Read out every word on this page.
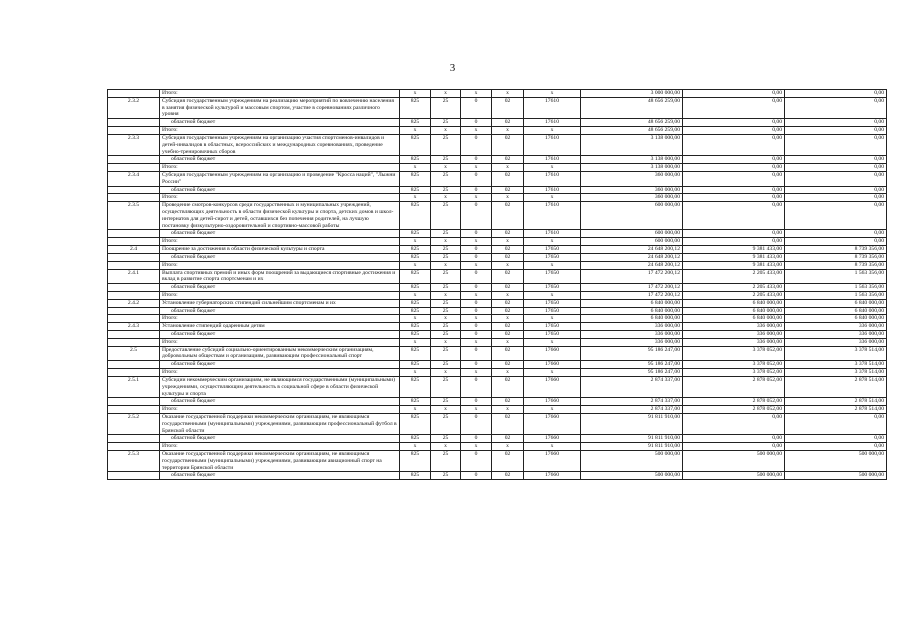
3
	Итого:	x	x	x	x	x	3 000 000,00	0,00	0,00
2.3.2	Субсидия государственным учреждениям на реализацию мероприятий по вовлечению населения в занятия физической культурой и массовым спортом, участие в соревнованиях различного уровня	825	25	0	02	17610	48 656 259,00	0,00	0,00
	областной бюджет	825	25	0	02	17610	48 656 259,00	0,00	0,00
	Итого:	x	x	x	x	x	48 656 259,00	0,00	0,00
2.3.3	Субсидия государственным учреждениям на организацию участия спортсменов-инвалидов и детей-инвалидов в областных, всероссийских и международных соревнованиях, проведение учебно-тренировочных сборов	825	25	0	02	17610	3 138 000,00	0,00	0,00
	областной бюджет	825	25	0	02	17610	3 138 000,00	0,00	0,00
	Итого:	x	x	x	x	x	3 138 000,00	0,00	0,00
2.3.4	Субсидия государственным учреждениям на организацию и проведение "Кросса наций", "Лыжни России"	825	25	0	02	17610	360 000,00	0,00	0,00
	областной бюджет	825	25	0	02	17610	360 000,00	0,00	0,00
	Итого:	x	x	x	x	x	360 000,00	0,00	0,00
2.3.5	Проведение смотров-конкурсов среди государственных и муниципальных учреждений, осуществляющих деятельность в области физической культуры и спорта, детских домов и школ-интернатов для детей-сирот и детей, оставшихся без попечения родителей, на лучшую постановку физкультурно-оздоровительной и спортивно-массовой работы	825	25	0	02	17610	600 000,00	0,00	0,00
	областной бюджет	825	25	0	02	17610	600 000,00	0,00	0,00
	Итого:	x	x	x	x	x	600 000,00	0,00	0,00
2.4	Поощрение за достижения в области физической культуры и спорта	825	25	0	02	17650	24 648 200,12	9 381 433,00	8 739 356,00
	областной бюджет	825	25	0	02	17650	24 648 200,12	9 381 433,00	8 739 356,00
	Итого:	x	x	x	x	x	24 648 200,12	9 381 433,00	8 739 356,00
2.4.1	Выплата спортивных премий и иных форм поощрений за выдающиеся спортивные достижения и вклад в развитие спорта спортсменам и их	825	25	0	02	17650	17 472 200,12	2 205 433,00	1 563 356,00
	областной бюджет	825	25	0	02	17650	17 472 200,12	2 205 433,00	1 563 356,00
	Итого:	x	x	x	x	x	17 472 200,12	2 205 433,00	1 563 356,00
2.4.2	Установление губернаторских стипендий сильнейшим спортсменам и их	825	25	0	02	17650	6 840 000,00	6 840 000,00	6 840 000,00
	областной бюджет	825	25	0	02	17650	6 840 000,00	6 840 000,00	6 840 000,00
	Итого:	x	x	x	x	x	6 840 000,00	6 840 000,00	6 840 000,00
2.4.3	Установление стипендий одаренным детям	825	25	0	02	17650	336 000,00	336 000,00	336 000,00
	областной бюджет	825	25	0	02	17650	336 000,00	336 000,00	336 000,00
	Итого:	x	x	x	x	x	336 000,00	336 000,00	336 000,00
2.5	Предоставление субсидий социально-ориентированным некоммерческим организациям, добровольным обществам и организациям, развивающим профессиональный спорт	825	25	0	02	17660	95 186 247,00	3 378 052,00	3 378 514,00
	областной бюджет	825	25	0	02	17660	95 186 247,00	3 378 052,00	3 378 514,00
	Итого:	x	x	x	x	x	95 186 247,00	3 378 052,00	3 378 514,00
2.5.1	Субсидии некоммерческим организациям, не являющимся государственными (муниципальными) учреждениями, осуществляющим деятельность в социальной сфере в области физической культуры и спорта	825	25	0	02	17660	2 874 337,00	2 878 052,00	2 878 514,00
	областной бюджет	825	25	0	02	17660	2 874 337,00	2 878 052,00	2 878 514,00
	Итого:	x	x	x	x	x	2 874 337,00	2 878 052,00	2 878 514,00
2.5.2	Оказание государственной поддержки некоммерческим организациям, не являющимся государственными (муниципальными) учреждениями, развивающим профессиональный футбол в Брянской области	825	25	0	02	17660	91 811 910,00	0,00	0,00
	областной бюджет	825	25	0	02	17660	91 811 910,00	0,00	0,00
	Итого:	x	x	x	x	x	91 811 910,00	0,00	0,00
2.5.3	Оказание государственной поддержки некоммерческим организациям, не являющимся государственными (муниципальными) учреждениями, развивающим авиационный спорт на территории Брянской области	825	25	0	02	17660	500 000,00	500 000,00	500 000,00
	областной бюджет	825	25	0	02	17660	500 000,00	500 000,00	500 000,00
